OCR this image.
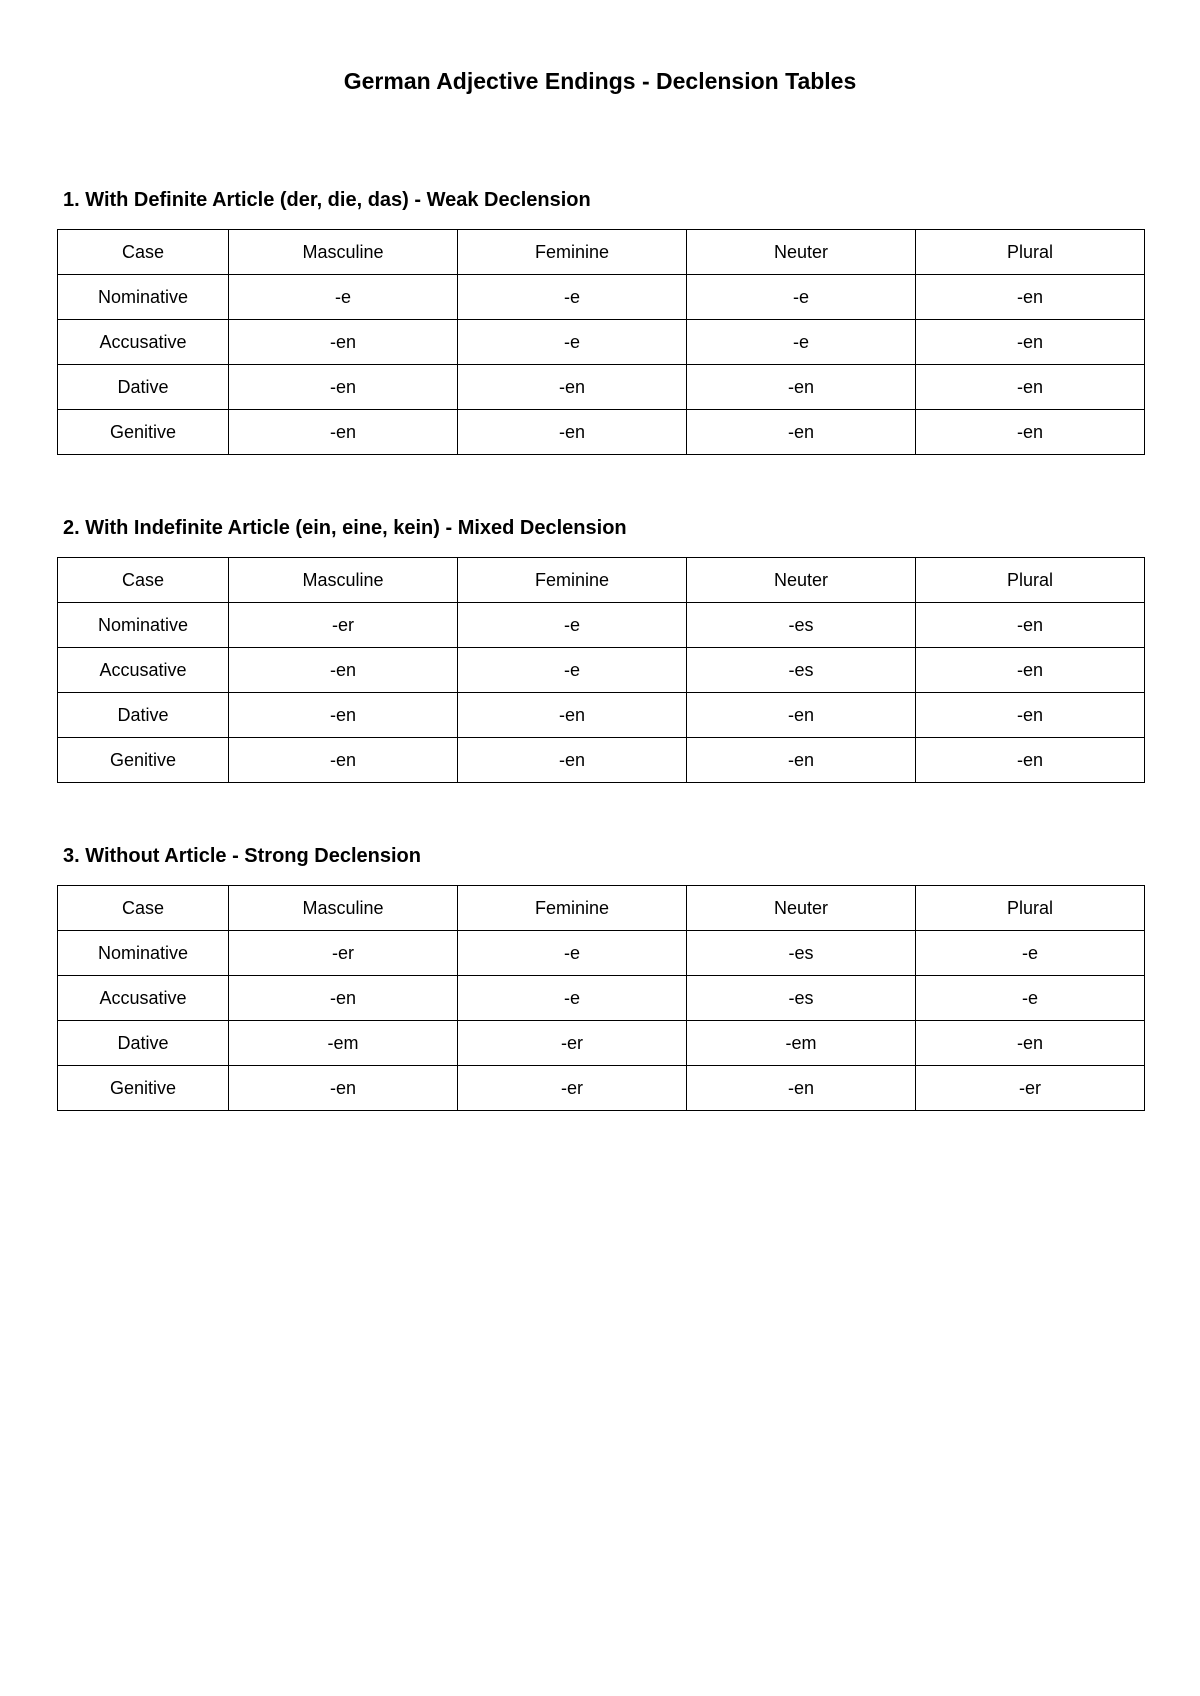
German Adjective Endings - Declension Tables
1. With Definite Article (der, die, das) - Weak Declension
Case	Masculine	Feminine	Neuter	Plural
Nominative	-e	-e	-e	-en
Accusative	-en	-e	-e	-en
Dative	-en	-en	-en	-en
Genitive	-en	-en	-en	-en
2. With Indefinite Article (ein, eine, kein) - Mixed Declension
Case	Masculine	Feminine	Neuter	Plural
Nominative	-er	-e	-es	-en
Accusative	-en	-e	-es	-en
Dative	-en	-en	-en	-en
Genitive	-en	-en	-en	-en
3. Without Article - Strong Declension
Case	Masculine	Feminine	Neuter	Plural
Nominative	-er	-e	-es	-e
Accusative	-en	-e	-es	-e
Dative	-em	-er	-em	-en
Genitive	-en	-er	-en	-er
